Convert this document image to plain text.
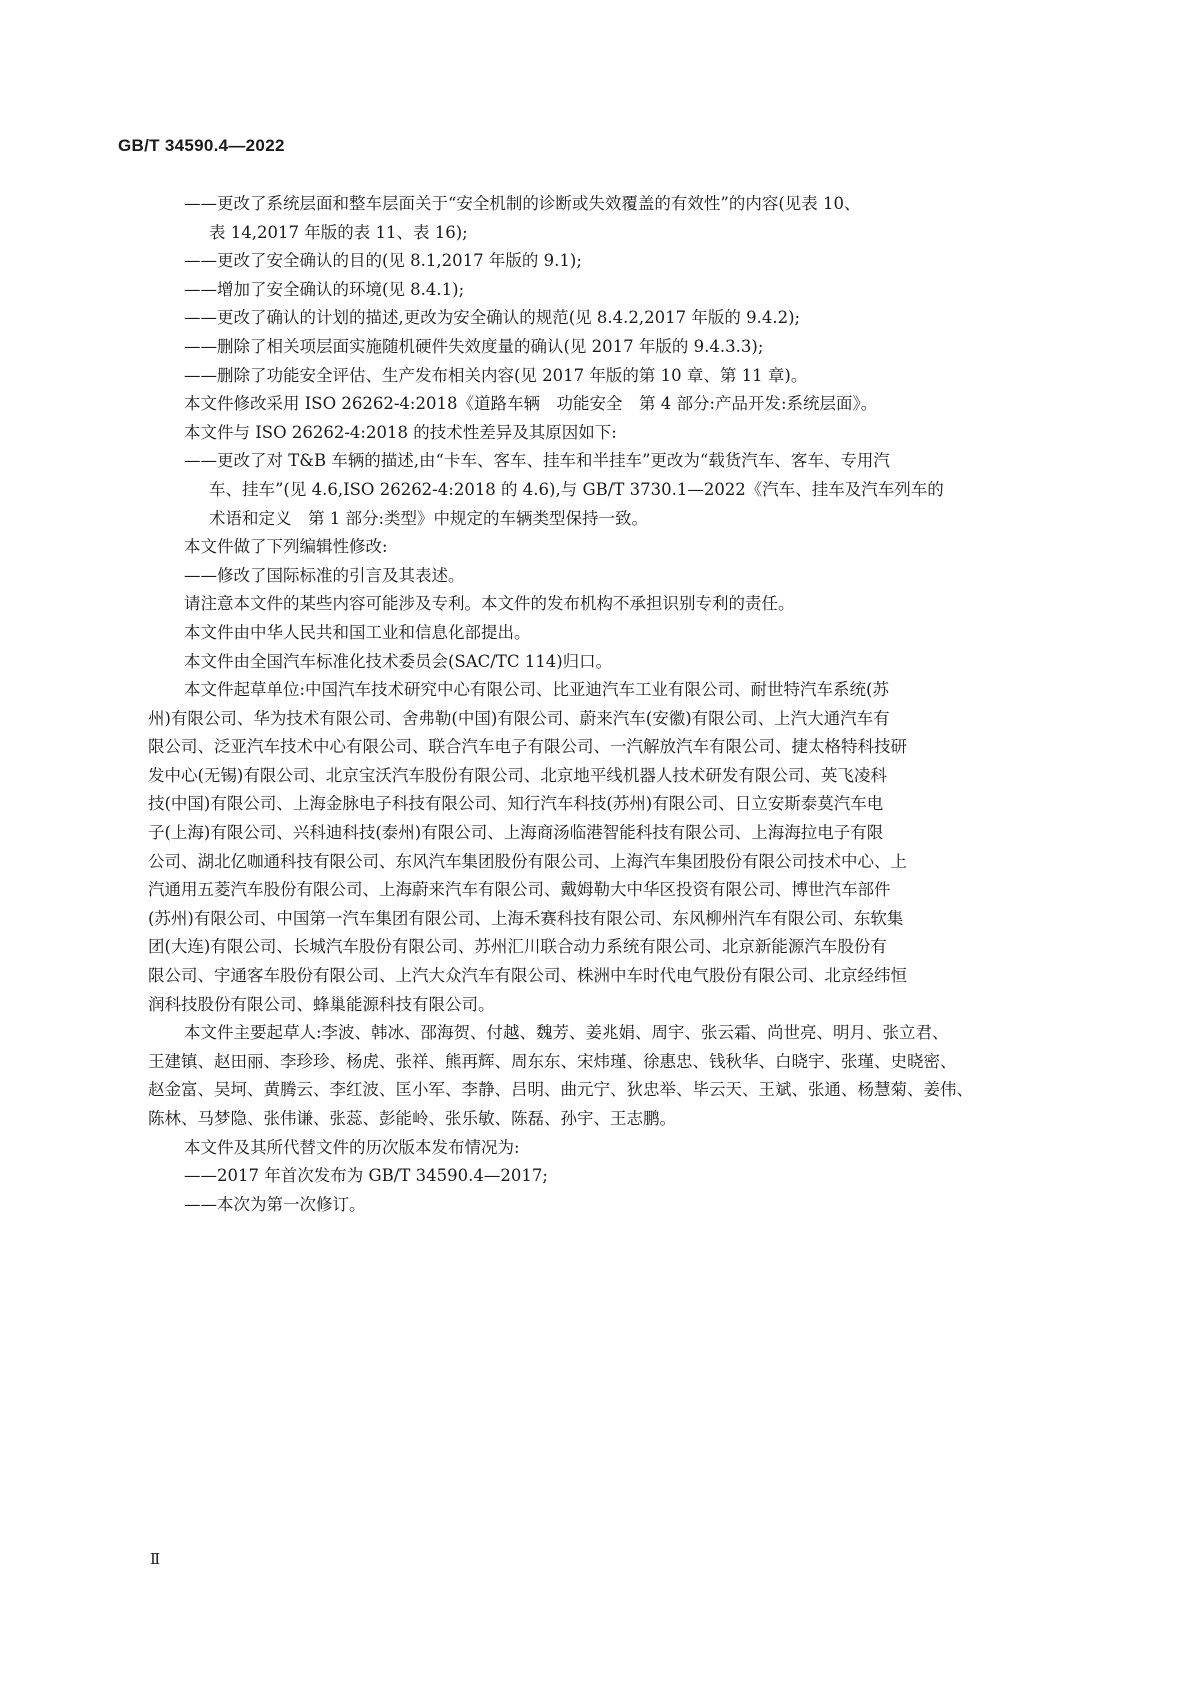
GB/T 34590.4—2022
——更改了系统层面和整车层面关于“安全机制的诊断或失效覆盖的有效性”的内容(见表 10、
表 14,2017 年版的表 11、表 16);
——更改了安全确认的目的(见 8.1,2017 年版的 9.1);
——增加了安全确认的环境(见 8.4.1);
——更改了确认的计划的描述,更改为安全确认的规范(见 8.4.2,2017 年版的 9.4.2);
——删除了相关项层面实施随机硬件失效度量的确认(见 2017 年版的 9.4.3.3);
——删除了功能安全评估、生产发布相关内容(见 2017 年版的第 10 章、第 11 章)。
本文件修改采用 ISO 26262-4:2018《道路车辆　功能安全　第 4 部分:产品开发:系统层面》。
本文件与 ISO 26262-4:2018 的技术性差异及其原因如下:
——更改了对 T&B 车辆的描述,由“卡车、客车、挂车和半挂车”更改为“载货汽车、客车、专用汽
车、挂车”(见 4.6,ISO 26262-4:2018 的 4.6),与 GB/T 3730.1—2022《汽车、挂车及汽车列车的
术语和定义　第 1 部分:类型》中规定的车辆类型保持一致。
本文件做了下列编辑性修改:
——修改了国际标准的引言及其表述。
请注意本文件的某些内容可能涉及专利。本文件的发布机构不承担识别专利的责任。
本文件由中华人民共和国工业和信息化部提出。
本文件由全国汽车标准化技术委员会(SAC/TC 114)归口。
本文件起草单位:中国汽车技术研究中心有限公司、比亚迪汽车工业有限公司、耐世特汽车系统(苏
州)有限公司、华为技术有限公司、舍弗勒(中国)有限公司、蔚来汽车(安徽)有限公司、上汽大通汽车有
限公司、泛亚汽车技术中心有限公司、联合汽车电子有限公司、一汽解放汽车有限公司、捷太格特科技研
发中心(无锡)有限公司、北京宝沃汽车股份有限公司、北京地平线机器人技术研发有限公司、英飞凌科
技(中国)有限公司、上海金脉电子科技有限公司、知行汽车科技(苏州)有限公司、日立安斯泰莫汽车电
子(上海)有限公司、兴科迪科技(泰州)有限公司、上海商汤临港智能科技有限公司、上海海拉电子有限
公司、湖北亿咖通科技有限公司、东风汽车集团股份有限公司、上海汽车集团股份有限公司技术中心、上
汽通用五菱汽车股份有限公司、上海蔚来汽车有限公司、戴姆勒大中华区投资有限公司、博世汽车部件
(苏州)有限公司、中国第一汽车集团有限公司、上海禾赛科技有限公司、东风柳州汽车有限公司、东软集
团(大连)有限公司、长城汽车股份有限公司、苏州汇川联合动力系统有限公司、北京新能源汽车股份有
限公司、宇通客车股份有限公司、上汽大众汽车有限公司、株洲中车时代电气股份有限公司、北京经纬恒
润科技股份有限公司、蜂巢能源科技有限公司。
本文件主要起草人:李波、韩冰、邵海贺、付越、魏芳、姜兆娟、周宇、张云霜、尚世亮、明月、张立君、
王建镇、赵田丽、李珍珍、杨虎、张祥、熊再辉、周东东、宋炜瑾、徐惠忠、钱秋华、白晓宇、张瑾、史晓密、
赵金富、吴坷、黄腾云、李红波、匡小军、李静、吕明、曲元宁、狄忠举、毕云天、王斌、张通、杨慧菊、姜伟、
陈林、马梦隐、张伟谦、张蕊、彭能岭、张乐敏、陈磊、孙宇、王志鹏。
本文件及其所代替文件的历次版本发布情况为:
——2017 年首次发布为 GB/T 34590.4—2017;
——本次为第一次修订。
Ⅱ
